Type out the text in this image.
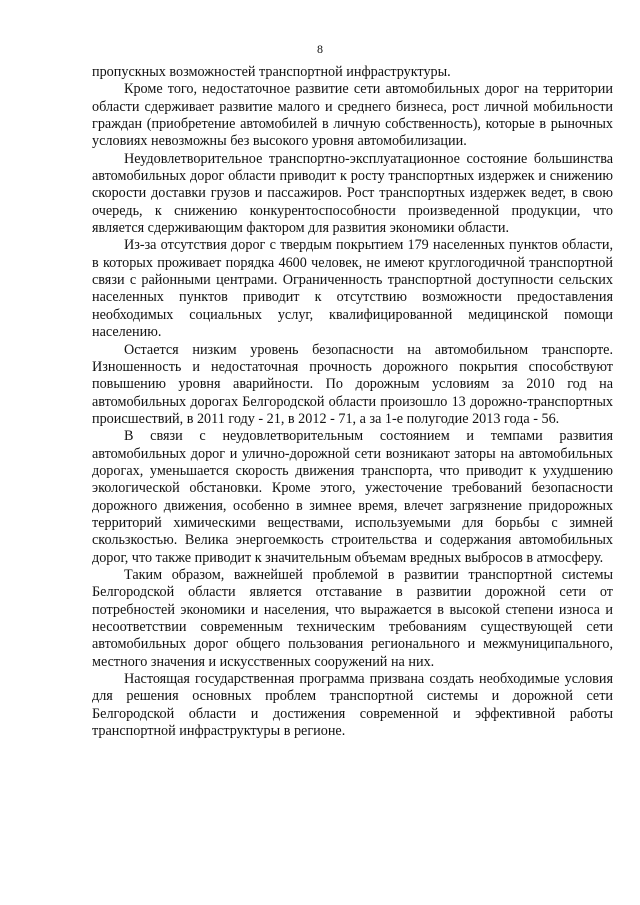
8

пропускных возможностей транспортной инфраструктуры.

Кроме того, недостаточное развитие сети автомобильных дорог на территории области сдерживает развитие малого и среднего бизнеса, рост личной мобильности граждан (приобретение автомобилей в личную собственность), которые в рыночных условиях невозможны без высокого уровня автомобилизации.

Неудовлетворительное транспортно-эксплуатационное состояние большинства автомобильных дорог области приводит к росту транспортных издержек и снижению скорости доставки грузов и пассажиров. Рост транспортных издержек ведет, в свою очередь, к снижению конкурентоспособности произведенной продукции, что является сдерживающим фактором для развития экономики области.

Из-за отсутствия дорог с твердым покрытием 179 населенных пунктов области, в которых проживает порядка 4600 человек, не имеют круглогодичной транспортной связи с районными центрами. Ограниченность транспортной доступности сельских населенных пунктов приводит к отсутствию возможности предоставления необходимых социальных услуг, квалифицированной медицинской помощи населению.

Остается низким уровень безопасности на автомобильном транспорте. Изношенность и недостаточная прочность дорожного покрытия способствуют повышению уровня аварийности. По дорожным условиям за 2010 год на автомобильных дорогах Белгородской области произошло 13 дорожно-транспортных происшествий, в 2011 году - 21, в 2012 - 71, а за 1-е полугодие 2013 года - 56.

В связи с неудовлетворительным состоянием и темпами развития автомобильных дорог и улично-дорожной сети возникают заторы на автомобильных дорогах, уменьшается скорость движения транспорта, что приводит к ухудшению экологической обстановки. Кроме этого, ужесточение требований безопасности дорожного движения, особенно в зимнее время, влечет загрязнение придорожных территорий химическими веществами, используемыми для борьбы с зимней скользкостью. Велика энергоемкость строительства и содержания автомобильных дорог, что также приводит к значительным объемам вредных выбросов в атмосферу.

Таким образом, важнейшей проблемой в развитии транспортной системы Белгородской области является отставание в развитии дорожной сети от потребностей экономики и населения, что выражается в высокой степени износа и несоответствии современным техническим требованиям существующей сети автомобильных дорог общего пользования регионального и межмуниципального, местного значения и искусственных сооружений на них.

Настоящая государственная программа призвана создать необходимые условия для решения основных проблем транспортной системы и дорожной сети Белгородской области и достижения современной и эффективной работы транспортной инфраструктуры в регионе.
